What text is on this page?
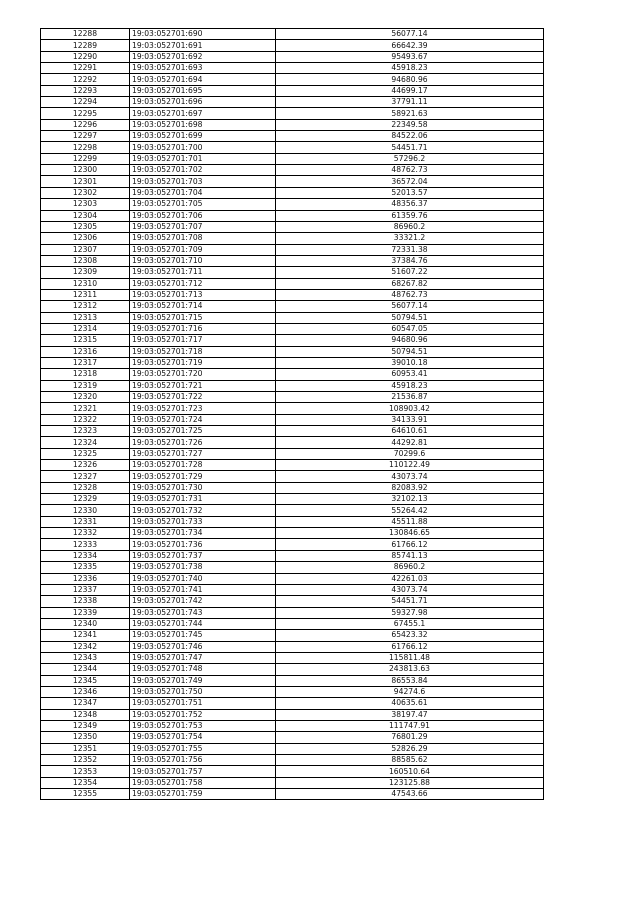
12288	19:03:052701:690	56077.14
12289	19:03:052701:691	66642.39
12290	19:03:052701:692	95493.67
12291	19:03:052701:693	45918.23
12292	19:03:052701:694	94680.96
12293	19:03:052701:695	44699.17
12294	19:03:052701:696	37791.11
12295	19:03:052701:697	58921.63
12296	19:03:052701:698	22349.58
12297	19:03:052701:699	84522.06
12298	19:03:052701:700	54451.71
12299	19:03:052701:701	57296.2
12300	19:03:052701:702	48762.73
12301	19:03:052701:703	36572.04
12302	19:03:052701:704	52013.57
12303	19:03:052701:705	48356.37
12304	19:03:052701:706	61359.76
12305	19:03:052701:707	86960.2
12306	19:03:052701:708	33321.2
12307	19:03:052701:709	72331.38
12308	19:03:052701:710	37384.76
12309	19:03:052701:711	51607.22
12310	19:03:052701:712	68267.82
12311	19:03:052701:713	48762.73
12312	19:03:052701:714	56077.14
12313	19:03:052701:715	50794.51
12314	19:03:052701:716	60547.05
12315	19:03:052701:717	94680.96
12316	19:03:052701:718	50794.51
12317	19:03:052701:719	39010.18
12318	19:03:052701:720	60953.41
12319	19:03:052701:721	45918.23
12320	19:03:052701:722	21536.87
12321	19:03:052701:723	108903.42
12322	19:03:052701:724	34133.91
12323	19:03:052701:725	64610.61
12324	19:03:052701:726	44292.81
12325	19:03:052701:727	70299.6
12326	19:03:052701:728	110122.49
12327	19:03:052701:729	43073.74
12328	19:03:052701:730	82083.92
12329	19:03:052701:731	32102.13
12330	19:03:052701:732	55264.42
12331	19:03:052701:733	45511.88
12332	19:03:052701:734	130846.65
12333	19:03:052701:736	61766.12
12334	19:03:052701:737	85741.13
12335	19:03:052701:738	86960.2
12336	19:03:052701:740	42261.03
12337	19:03:052701:741	43073.74
12338	19:03:052701:742	54451.71
12339	19:03:052701:743	59327.98
12340	19:03:052701:744	67455.1
12341	19:03:052701:745	65423.32
12342	19:03:052701:746	61766.12
12343	19:03:052701:747	115811.48
12344	19:03:052701:748	243813.63
12345	19:03:052701:749	86553.84
12346	19:03:052701:750	94274.6
12347	19:03:052701:751	40635.61
12348	19:03:052701:752	38197.47
12349	19:03:052701:753	111747.91
12350	19:03:052701:754	76801.29
12351	19:03:052701:755	52826.29
12352	19:03:052701:756	88585.62
12353	19:03:052701:757	160510.64
12354	19:03:052701:758	123125.88
12355	19:03:052701:759	47543.66
